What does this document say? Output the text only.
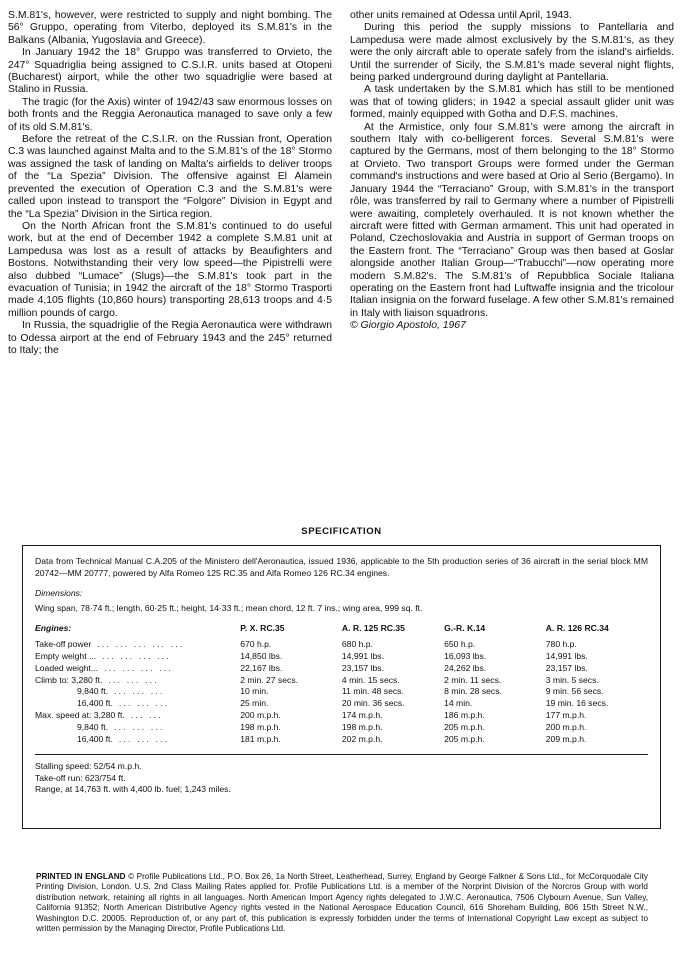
S.M.81's, however, were restricted to supply and night bombing. The 56° Gruppo, operating from Viterbo, deployed its S.M.81's in the Balkans (Albania, Yugoslavia and Greece).

In January 1942 the 18° Gruppo was transferred to Orvieto, the 247° Squadriglia being assigned to C.S.I.R. units based at Otopeni (Bucharest) airport, while the other two squadriglie were based at Stalino in Russia.

The tragic (for the Axis) winter of 1942/43 saw enormous losses on both fronts and the Reggia Aeronautica managed to save only a few of its old S.M.81's.

Before the retreat of the C.S.I.R. on the Russian front, Operation C.3 was launched against Malta and to the S.M.81's of the 18° Stormo was assigned the task of landing on Malta's airfields to deliver troops of the “La Spezia” Division. The offensive against El Alamein prevented the execution of Operation C.3 and the S.M.81's were called upon instead to transport the “Folgore” Division in Egypt and the “La Spezia” Division in the Sirtica region.

On the North African front the S.M.81's continued to do useful work, but at the end of December 1942 a complete S.M.81 unit at Lampedusa was lost as a result of attacks by Beaufighters and Bostons. Notwithstanding their very low speed—the Pipistrelli were also dubbed “Lumace” (Slugs)—the S.M.81's took part in the evacuation of Tunisia; in 1942 the aircraft of the 18° Stormo Trasporti made 4,105 flights (10,860 hours) transporting 28,613 troops and 4·5 million pounds of cargo.

In Russia, the squadriglie of the Regia Aeronautica were withdrawn to Odessa airport at the end of February 1943 and the 245° returned to Italy; the

other units remained at Odessa until April, 1943.

During this period the supply missions to Pantellaria and Lampedusa were made almost exclusively by the S.M.81's, as they were the only aircraft able to operate safely from the island's airfields. Until the surrender of Sicily, the S.M.81's made several night flights, being parked underground during daylight at Pantellaria.

A task undertaken by the S.M.81 which has still to be mentioned was that of towing gliders; in 1942 a special assault glider unit was formed, mainly equipped with Gotha and D.F.S. machines.

At the Armistice, only four S.M.81's were among the aircraft in southern Italy with co-belligerent forces. Several S.M.81's were captured by the Germans, most of them belonging to the 18° Stormo at Orvieto. Two transport Groups were formed under the German command's instructions and were based at Orio al Serio (Bergamo). In January 1944 the “Terraciano” Group, with S.M.81's in the transport rôle, was transferred by rail to Germany where a number of Pipistrelli were awaiting, completely overhauled. It is not known whether the aircraft were fitted with German armament. This unit had operated in Poland, Czechoslovakia and Austria in support of German troops on the Eastern front. The “Terraciano” Group was then based at Goslar alongside another Italian Group—“Trabucchi”—now operating more modern S.M.82's. The S.M.81's of Repubblica Sociale Italiana operating on the Eastern front had Luftwaffe insignia and the tricolour Italian insignia on the forward fuselage. A few other S.M.81's remained in Italy with liaison squadrons.

© Giorgio Apostolo, 1967

SPECIFICATION

Data from Technical Manual C.A.205 of the Ministero dell'Aeronautica, issued 1936, applicable to the 5th production series of 36 aircraft in the serial block MM 20742—MM 20777, powered by Alfa Romeo 125 RC.35 and Alfa Romeo 126 RC.34 engines.

Dimensions:

Wing span, 78·74 ft.; length, 60·25 ft.; height, 14·33 ft.; mean chord, 12 ft. 7 ins.; wing area, 999 sq. ft.

Engines:	P. X. RC.35	A. R. 125 RC.35	G.-R. K.14	A. R. 126 RC.34
Take-off power ... ... ... ... ...	670 h.p.	680 h.p.	650 h.p.	780 h.p.
Empty weight ... ... ... ... ...	14,850 lbs.	14,991 lbs.	16,093 lbs.	14,991 lbs.
Loaded weight... ... ... ... ...	22,167 lbs.	23,157 lbs.	24,262 lbs.	23,157 lbs.
Climb to: 3,280 ft. ... ... ...	2 min. 27 secs.	4 min. 15 secs.	2 min. 11 secs.	3 min. 5 secs.
9,840 ft. ... ... ...	10 min.	11 min. 48 secs.	8 min. 28 secs.	9 min. 56 secs.
16,400 ft. ... ... ...	25 min.	20 min. 36 secs.	14 min.	19 min. 16 secs.
Max. speed at: 3,280 ft. ... ...	200 m.p.h.	174 m.p.h.	186 m.p.h.	177 m.p.h.
9,840 ft. ... ... ...	198 m.p.h.	198 m.p.h.	205 m.p.h.	200 m.p.h.
16,400 ft. ... ... ...	181 m.p.h.	202 m.p.h.	205 m.p.h.	209 m.p.h.
Stalling speed: 52/54 m.p.h.
Take-off run: 623/754 ft.
Range, at 14,763 ft. with 4,400 lb. fuel; 1,243 miles.
PRINTED IN ENGLAND © Profile Publications Ltd., P.O. Box 26, 1a North Street, Leatherhead, Surrey, England by George Falkner & Sons Ltd., for McCorquodale City Printing Division, London. U.S. 2nd Class Mailing Rates applied for. Profile Publications Ltd. is a member of the Norprint Division of the Norcros Group with world distribution network, retaining all rights in all languages. North American Import Agency rights delegated to J.W.C. Aeronautica, 7506 Clybourn Avenue, Sun Valley, California 91352; North American Distributive Agency rights vested in the National Aerospace Education Council, 616 Shoreham Building, 806 15th Street N.W., Washington D.C. 20005. Reproduction of, or any part of, this publication is expressly forbidden under the terms of International Copyright Law except as subject to written permission by the Managing Director, Profile Publications Ltd.
